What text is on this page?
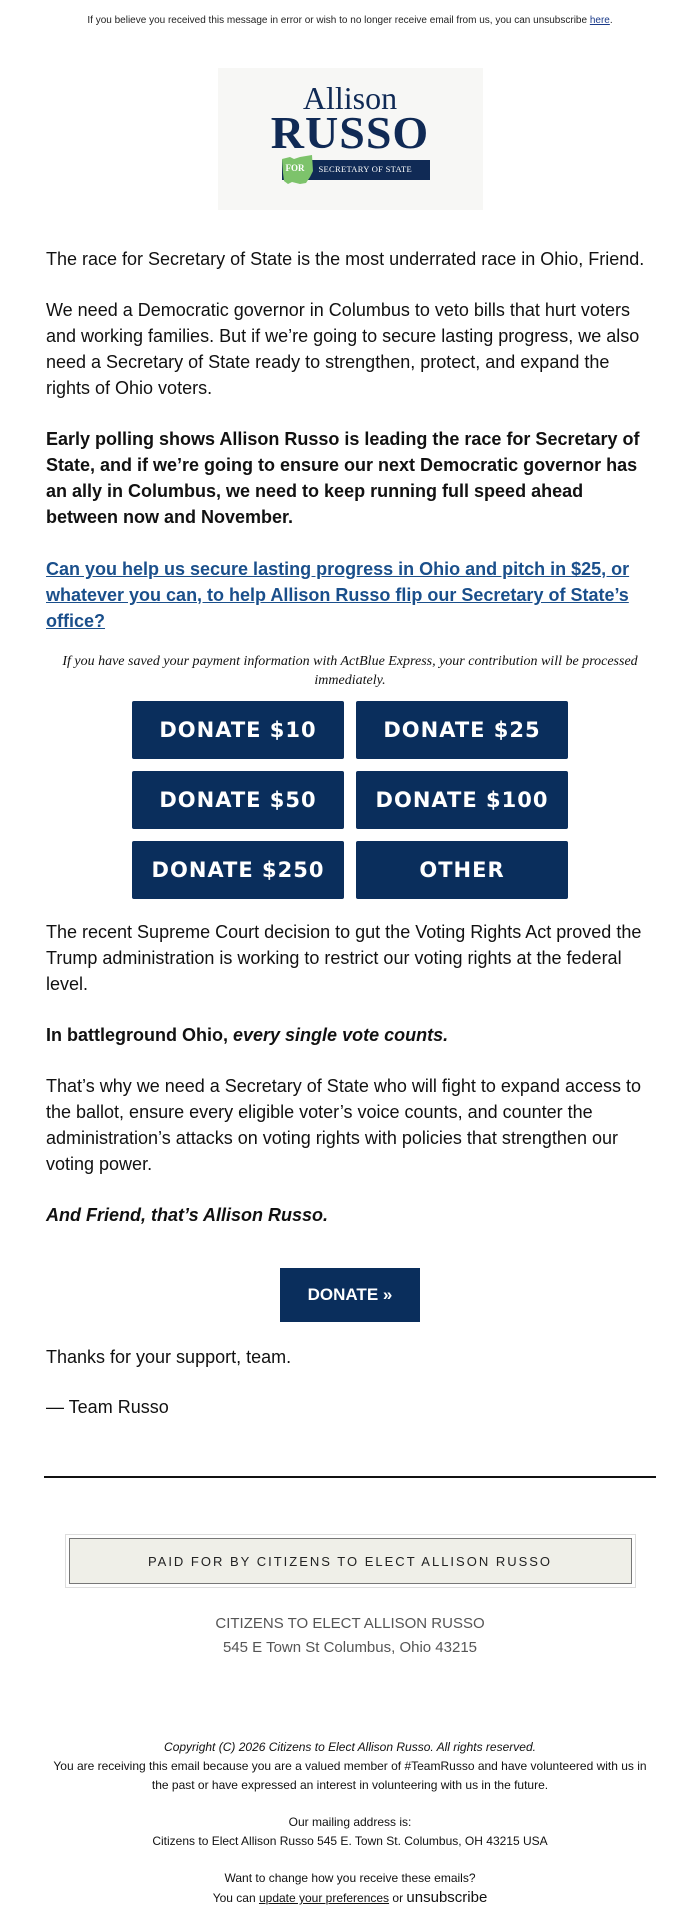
If you believe you received this message in error or wish to no longer receive email from us, you can unsubscribe here.
Allison
RUSSO
FOR SECRETARY OF STATE

The race for Secretary of State is the most underrated race in Ohio, Friend.

We need a Democratic governor in Columbus to veto bills that hurt voters and working families. But if we’re going to secure lasting progress, we also need a Secretary of State ready to strengthen, protect, and expand the rights of Ohio voters.

Early polling shows Allison Russo is leading the race for Secretary of State, and if we’re going to ensure our next Democratic governor has an ally in Columbus, we need to keep running full speed ahead between now and November.

Can you help us secure lasting progress in Ohio and pitch in $25, or whatever you can, to help Allison Russo flip our Secretary of State’s office?

If you have saved your payment information with ActBlue Express, your contribution will be processed immediately.
DONATE $10	DONATE $25
DONATE $50	DONATE $100
DONATE $250	OTHER

The recent Supreme Court decision to gut the Voting Rights Act proved the Trump administration is working to restrict our voting rights at the federal level.

In battleground Ohio, every single vote counts.

That’s why we need a Secretary of State who will fight to expand access to the ballot, ensure every eligible voter’s voice counts, and counter the administration’s attacks on voting rights with policies that strengthen our voting power.

And Friend, that’s Allison Russo.

DONATE »

Thanks for your support, team.

— Team Russo

PAID FOR BY CITIZENS TO ELECT ALLISON RUSSO
CITIZENS TO ELECT ALLISON RUSSO
545 E Town St Columbus, Ohio 43215
Copyright (C) 2026 Citizens to Elect Allison Russo. All rights reserved.
You are receiving this email because you are a valued member of #TeamRusso and have volunteered with us in the past or have expressed an interest in volunteering with us in the future.
Our mailing address is:
Citizens to Elect Allison Russo 545 E. Town St. Columbus, OH 43215 USA
Want to change how you receive these emails?
You can update your preferences or unsubscribe
